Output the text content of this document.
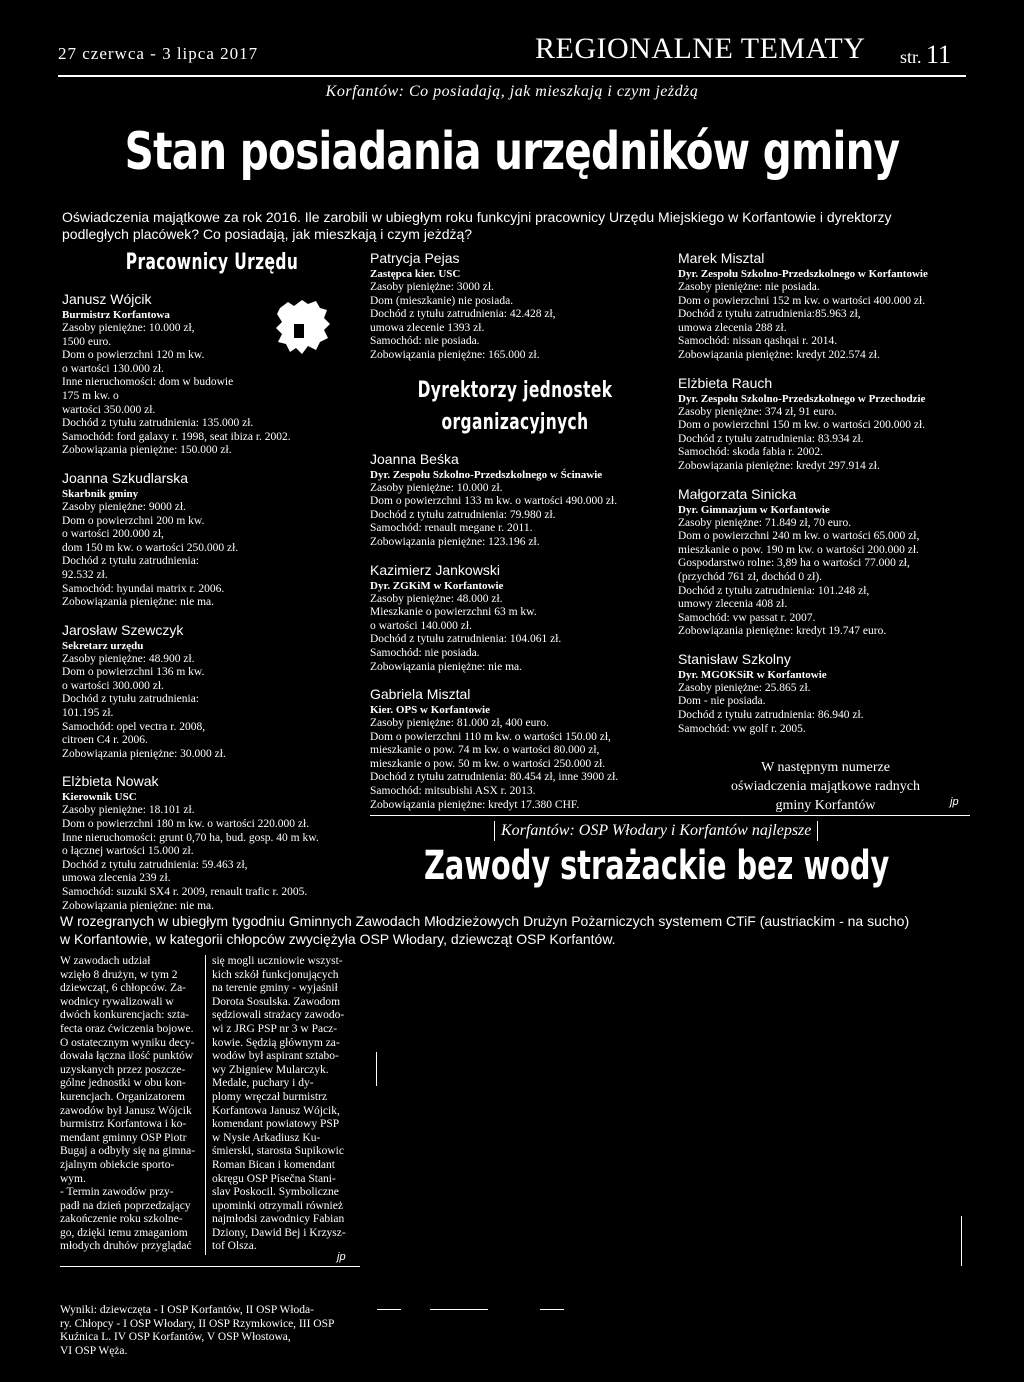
27 czerwca - 3 lipca 2017	REGIONALNE TEMATY str. 11
Korfantów: Co posiadają, jak mieszkają i czym jeżdżą
Stan posiadania urzędników gminy
Oświadczenia majątkowe za rok 2016. Ile zarobili w ubiegłym roku funkcyjni pracownicy Urzędu Miejskiego w Korfantowie i dyrektorzy
podległych placówek? Co posiadają, jak mieszkają i czym jeżdżą?
Pracownicy Urzędu
Janusz Wójcik
Burmistrz Korfantowa
Zasoby pieniężne: 10.000 zł,
1500 euro.
Dom o powierzchni 120 m kw.
o wartości 130.000 zł.
Inne nieruchomości: dom w budowie
175 m kw. o
wartości 350.000 zł.
Dochód z tytułu zatrudnienia: 135.000 zł.
Samochód: ford galaxy r. 1998, seat ibiza r. 2002.
Zobowiązania pieniężne: 150.000 zł.
Joanna Szkudlarska
Skarbnik gminy
Zasoby pieniężne: 9000 zł.
Dom o powierzchni 200 m kw.
o wartości 200.000 zł,
dom 150 m kw. o wartości 250.000 zł.
Dochód z tytułu zatrudnienia:
92.532 zł.
Samochód: hyundai matrix r. 2006.
Zobowiązania pieniężne: nie ma.
Jarosław Szewczyk
Sekretarz urzędu
Zasoby pieniężne: 48.900 zł.
Dom o powierzchni 136 m kw.
o wartości 300.000 zł.
Dochód z tytułu zatrudnienia:
101.195 zł.
Samochód: opel vectra r. 2008,
citroen C4 r. 2006.
Zobowiązania pieniężne: 30.000 zł.
Elżbieta Nowak
Kierownik USC
Zasoby pieniężne: 18.101 zł.
Dom o powierzchni 180 m kw. o wartości 220.000 zł.
Inne nieruchomości: grunt 0,70 ha, bud. gosp. 40 m kw.
o łącznej wartości 15.000 zł.
Dochód z tytułu zatrudnienia: 59.463 zł,
umowa zlecenia 239 zł.
Samochód: suzuki SX4 r. 2009, renault trafic r. 2005.
Zobowiązania pieniężne: nie ma.
Patrycja Pejas
Zastępca kier. USC
Zasoby pieniężne: 3000 zł.
Dom (mieszkanie) nie posiada.
Dochód z tytułu zatrudnienia: 42.428 zł,
umowa zlecenie 1393 zł.
Samochód: nie posiada.
Zobowiązania pieniężne: 165.000 zł.
Dyrektorzy jednostek organizacyjnych
Joanna Beśka
Dyr. Zespołu Szkolno-Przedszkolnego w Ścinawie
Zasoby pieniężne: 10.000 zł.
Dom o powierzchni 133 m kw. o wartości 490.000 zł.
Dochód z tytułu zatrudnienia: 79.980 zł.
Samochód: renault megane r. 2011.
Zobowiązania pieniężne: 123.196 zł.
Kazimierz Jankowski
Dyr. ZGKiM w Korfantowie
Zasoby pieniężne: 48.000 zł.
Mieszkanie o powierzchni 63 m kw.
o wartości 140.000 zł.
Dochód z tytułu zatrudnienia: 104.061 zł.
Samochód: nie posiada.
Zobowiązania pieniężne: nie ma.
Gabriela Misztal
Kier. OPS w Korfantowie
Zasoby pieniężne: 81.000 zł, 400 euro.
Dom o powierzchni 110 m kw. o wartości 150.00 zł,
mieszkanie o pow. 74 m kw. o wartości 80.000 zł,
mieszkanie o pow. 50 m kw. o wartości 250.000 zł.
Dochód z tytułu zatrudnienia: 80.454 zł, inne 3900 zł.
Samochód: mitsubishi ASX r. 2013.
Zobowiązania pieniężne: kredyt 17.380 CHF.
Marek Misztal
Dyr. Zespołu Szkolno-Przedszkolnego w Korfantowie
Zasoby pieniężne: nie posiada.
Dom o powierzchni 152 m kw. o wartości 400.000 zł.
Dochód z tytułu zatrudnienia:85.963 zł,
umowa zlecenia 288 zł.
Samochód: nissan qashqai r. 2014.
Zobowiązania pieniężne: kredyt 202.574 zł.
Elżbieta Rauch
Dyr. Zespołu Szkolno-Przedszkolnego w Przechodzie
Zasoby pieniężne: 374 zł, 91 euro.
Dom o powierzchni 150 m kw. o wartości 200.000 zł.
Dochód z tytułu zatrudnienia: 83.934 zł.
Samochód: skoda fabia r. 2002.
Zobowiązania pieniężne: kredyt 297.914 zł.
Małgorzata Sinicka
Dyr. Gimnazjum w Korfantowie
Zasoby pieniężne: 71.849 zł, 70 euro.
Dom o powierzchni 240 m kw. o wartości 65.000 zł,
mieszkanie o pow. 190 m kw. o wartości 200.000 zł.
Gospodarstwo rolne: 3,89 ha o wartości 77.000 zł,
(przychód 761 zł, dochód 0 zł).
Dochód z tytułu zatrudnienia: 101.248 zł,
umowy zlecenia 408 zł.
Samochód: vw passat r. 2007.
Zobowiązania pieniężne: kredyt 19.747 euro.
Stanisław Szkolny
Dyr. MGOKSiR w Korfantowie
Zasoby pieniężne: 25.865 zł.
Dom - nie posiada.
Dochód z tytułu zatrudnienia: 86.940 zł.
Samochód: vw golf r. 2005.
W następnym numerze
oświadczenia majątkowe radnych
gminy Korfantów	jp
Korfantów: OSP Włodary i Korfantów najlepsze
Zawody strażackie bez wody
W rozegranych w ubiegłym tygodniu Gminnych Zawodach Młodzieżowych Drużyn Pożarniczych systemem CTiF (austriackim - na sucho)
w Korfantowie, w kategorii chłopców zwyciężyła OSP Włodary, dziewcząt OSP Korfantów.
W zawodach udział
wzięło 8 drużyn, w tym 2
dziewcząt, 6 chłopców. Za-
wodnicy rywalizowali w
dwóch konkurencjach: szta-
fecta oraz ćwiczenia bojowe.
O ostatecznym wyniku decy-
dowała łączna ilość punktów
uzyskanych przez poszcze-
gólne jednostki w obu kon-
kurencjach. Organizatorem
zawodów był Janusz Wójcik
burmistrz Korfantowa i ko-
mendant gminny OSP Piotr
Bugaj a odbyły się na gimna-
zjalnym obiekcie sporto-
wym.
- Termin zawodów przy-
padł na dzień poprzedzający
zakończenie roku szkolne-
go, dzięki temu zmaganiom
młodych druhów przyglądać
się mogli uczniowie wszyst-
kich szkół funkcjonujących
na terenie gminy - wyjaśnił
Dorota Sosulska. Zawodom
sędziowali strażacy zawodo-
wi z JRG PSP nr 3 w Pacz-
kowie. Sędzią głównym za-
wodów był aspirant sztabo-
wy Zbigniew Mularczyk.
Medale, puchary i dy-
plomy wręczał burmistrz
Korfantowa Janusz Wójcik,
komendant powiatowy PSP
w Nysie Arkadiusz Ku-
śmierski, starosta Supikowic
Roman Bican i komendant
okręgu OSP Písečna Stani-
slav Poskocil. Symboliczne
upominki otrzymali również
najmłodsi zawodnicy Fabian
Dziony, Dawid Bej i Krzysz-
tof Olsza.
jp
Wyniki: dziewczęta - I OSP Korfantów, II OSP Włoda-
ry. Chłopcy - I OSP Włodary, II OSP Rzymkowice, III OSP
Kuźnica L. IV OSP Korfantów, V OSP Włostowa,
VI OSP Węża.
